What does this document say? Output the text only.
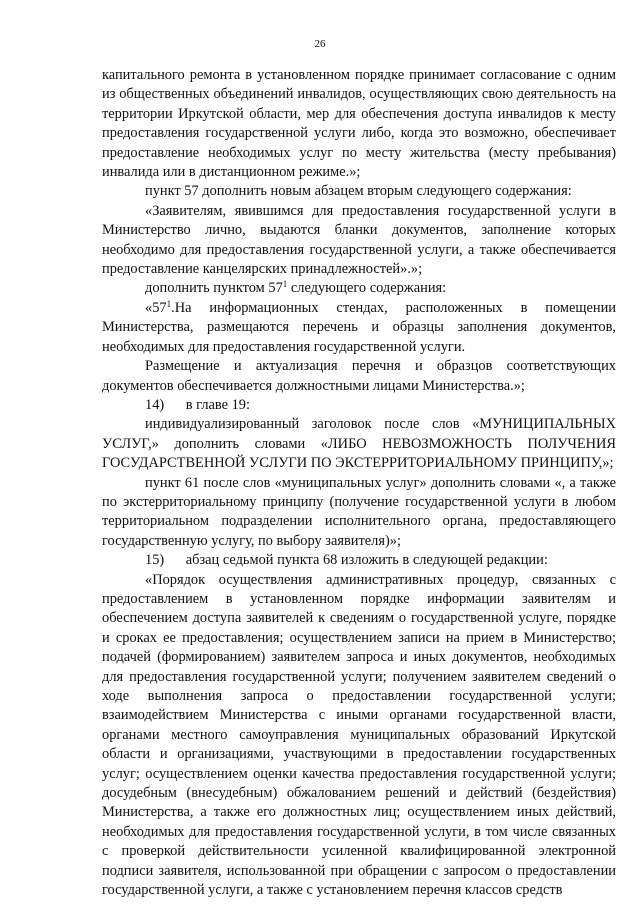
26

капитального ремонта в установленном порядке принимает согласование с одним из общественных объединений инвалидов, осуществляющих свою деятельность на территории Иркутской области, мер для обеспечения доступа инвалидов к месту предоставления государственной услуги либо, когда это возможно, обеспечивает предоставление необходимых услуг по месту жительства (месту пребывания) инвалида или в дистанционном режиме.»;

пункт 57 дополнить новым абзацем вторым следующего содержания:

«Заявителям, явившимся для предоставления государственной услуги в Министерство лично, выдаются бланки документов, заполнение которых необходимо для предоставления государственной услуги, а также обеспечивается предоставление канцелярских принадлежностей».»;

дополнить пунктом $57^1$ следующего содержания:

«$57^1.На$ информационных стендах, расположенных в помещении Министерства, размещаются перечень и образцы заполнения документов, необходимых для предоставления государственной услуги.

Размещение и актуализация перечня и образцов соответствующих документов обеспечивается должностными лицами Министерства.»;

14)      в главе 19:

индивидуализированный заголовок после слов «МУНИЦИПАЛЬНЫХ УСЛУГ,» дополнить словами «ЛИБО НЕВОЗМОЖНОСТЬ ПОЛУЧЕНИЯ ГОСУДАРСТВЕННОЙ УСЛУГИ ПО ЭКСТЕРРИТОРИАЛЬНОМУ ПРИНЦИПУ,»;

пункт 61 после слов «муниципальных услуг» дополнить словами «, а также по экстерриториальному принципу (получение государственной услуги в любом территориальном подразделении исполнительного органа, предоставляющего государственную услугу, по выбору заявителя)»;

15)      абзац седьмой пункта 68 изложить в следующей редакции:

«Порядок осуществления административных процедур, связанных с предоставлением в установленном порядке информации заявителям и обеспечением доступа заявителей к сведениям о государственной услуге, порядке и сроках ее предоставления; осуществлением записи на прием в Министерство; подачей (формированием) заявителем запроса и иных документов, необходимых для предоставления государственной услуги; получением заявителем сведений о ходе выполнения запроса о предоставлении государственной услуги; взаимодействием Министерства с иными органами государственной власти, органами местного самоуправления муниципальных образований Иркутской области и организациями, участвующими в предоставлении государственных услуг; осуществлением оценки качества предоставления государственной услуги; досудебным (внесудебным) обжалованием решений и действий (бездействия) Министерства, а также его должностных лиц; осуществлением иных действий, необходимых для предоставления государственной услуги, в том числе связанных с проверкой действительности усиленной квалифицированной электронной подписи заявителя, использованной при обращении с запросом о предоставлении государственной услуги, а также с установлением перечня классов средств
